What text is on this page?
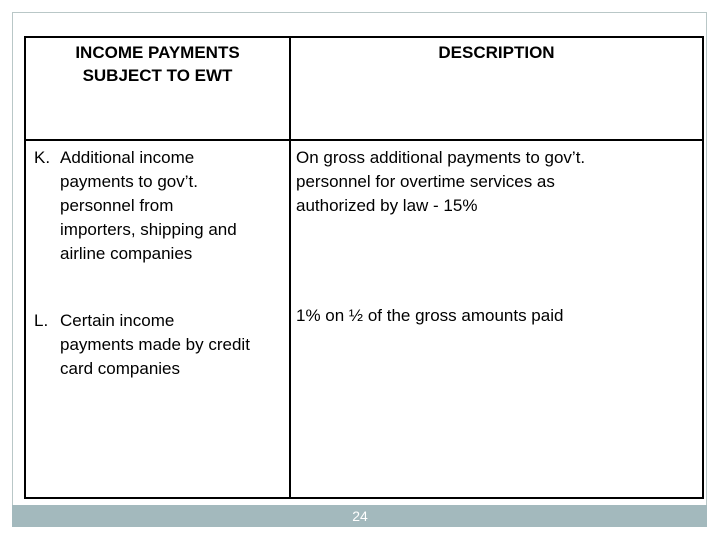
INCOME PAYMENTS
SUBJECT TO EWT
DESCRIPTION
K. Additional income
payments to gov’t.
personnel from
importers, shipping and
airline companies
On gross additional payments to gov’t.
personnel for overtime services as
authorized by law - 15%
L. Certain income
payments made by credit
card companies
1% on ½ of the gross amounts paid
24
